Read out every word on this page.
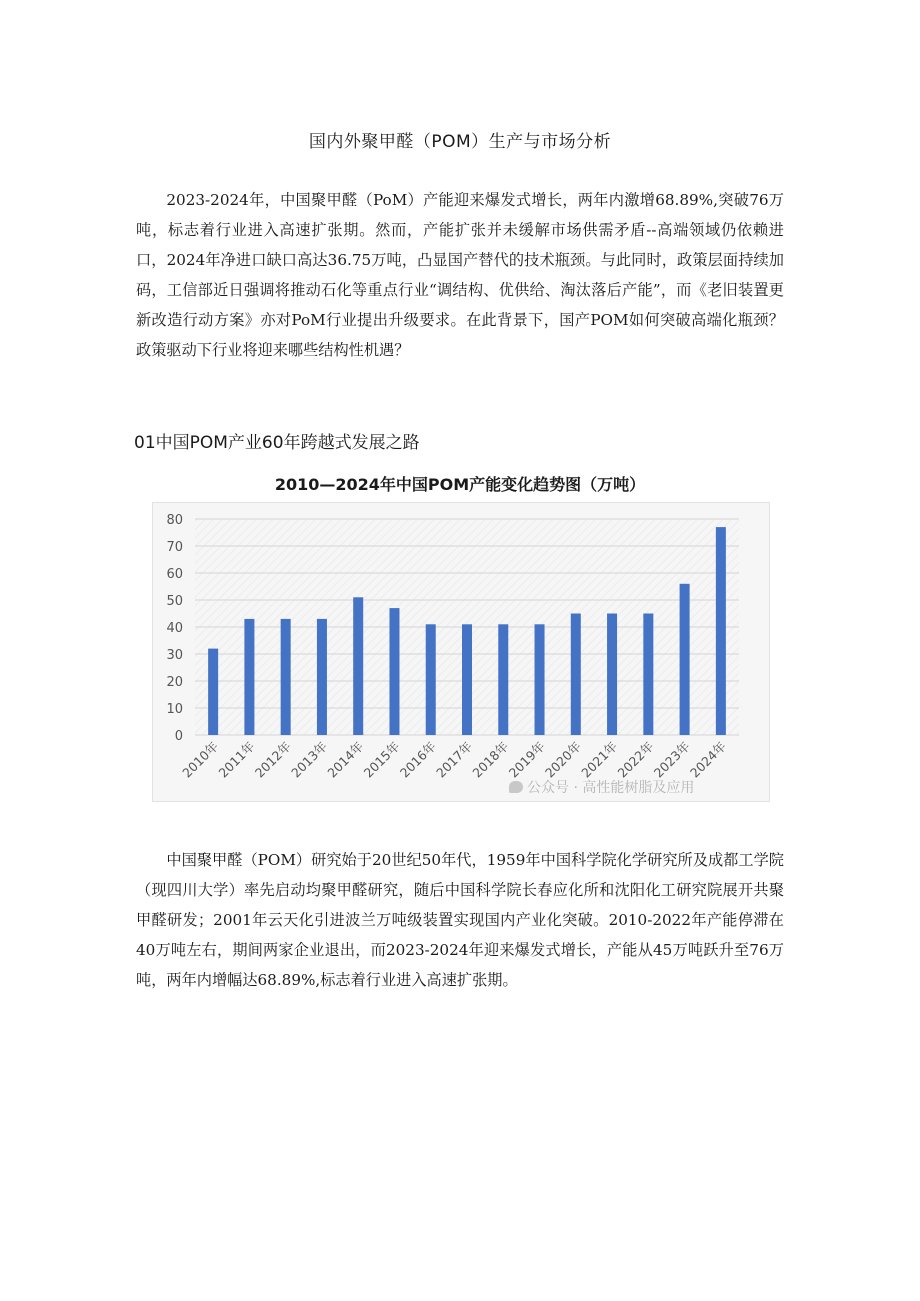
国内外聚甲醛（POM）生产与市场分析

2023-2024年，中国聚甲醛（PoM）产能迎来爆发式增长，两年内激增68.89%,突破76万吨，标志着行业进入高速扩张期。然而，产能扩张并未缓解市场供需矛盾--高端领域仍依赖进口，2024年净进口缺口高达36.75万吨，凸显国产替代的技术瓶颈。与此同时，政策层面持续加码，工信部近日强调将推动石化等重点行业“调结构、优供给、淘汰落后产能”，而《老旧装置更新改造行动方案》亦对PoM行业提出升级要求。在此背景下，国产POM如何突破高端化瓶颈？政策驱动下行业将迎来哪些结构性机遇？

01中国POM产业60年跨越式发展之路
2010—2024年中国POM产能变化趋势图（万吨）
0
10
20
30
40
50
60
70
80
2010年
2011年
2012年
2013年
2014年
2015年
2016年
2017年
2018年
2019年
2020年
2021年
2022年
2023年
2024年
公众号 · 高性能树脂及应用

中国聚甲醛（POM）研究始于20世纪50年代，1959年中国科学院化学研究所及成都工学院（现四川大学）率先启动均聚甲醛研究，随后中国科学院长春应化所和沈阳化工研究院展开共聚甲醛研发；2001年云天化引进波兰万吨级装置实现国内产业化突破。2010-2022年产能停滞在40万吨左右，期间两家企业退出，而2023-2024年迎来爆发式增长，产能从45万吨跃升至76万吨，两年内增幅达68.89%,标志着行业进入高速扩张期。
